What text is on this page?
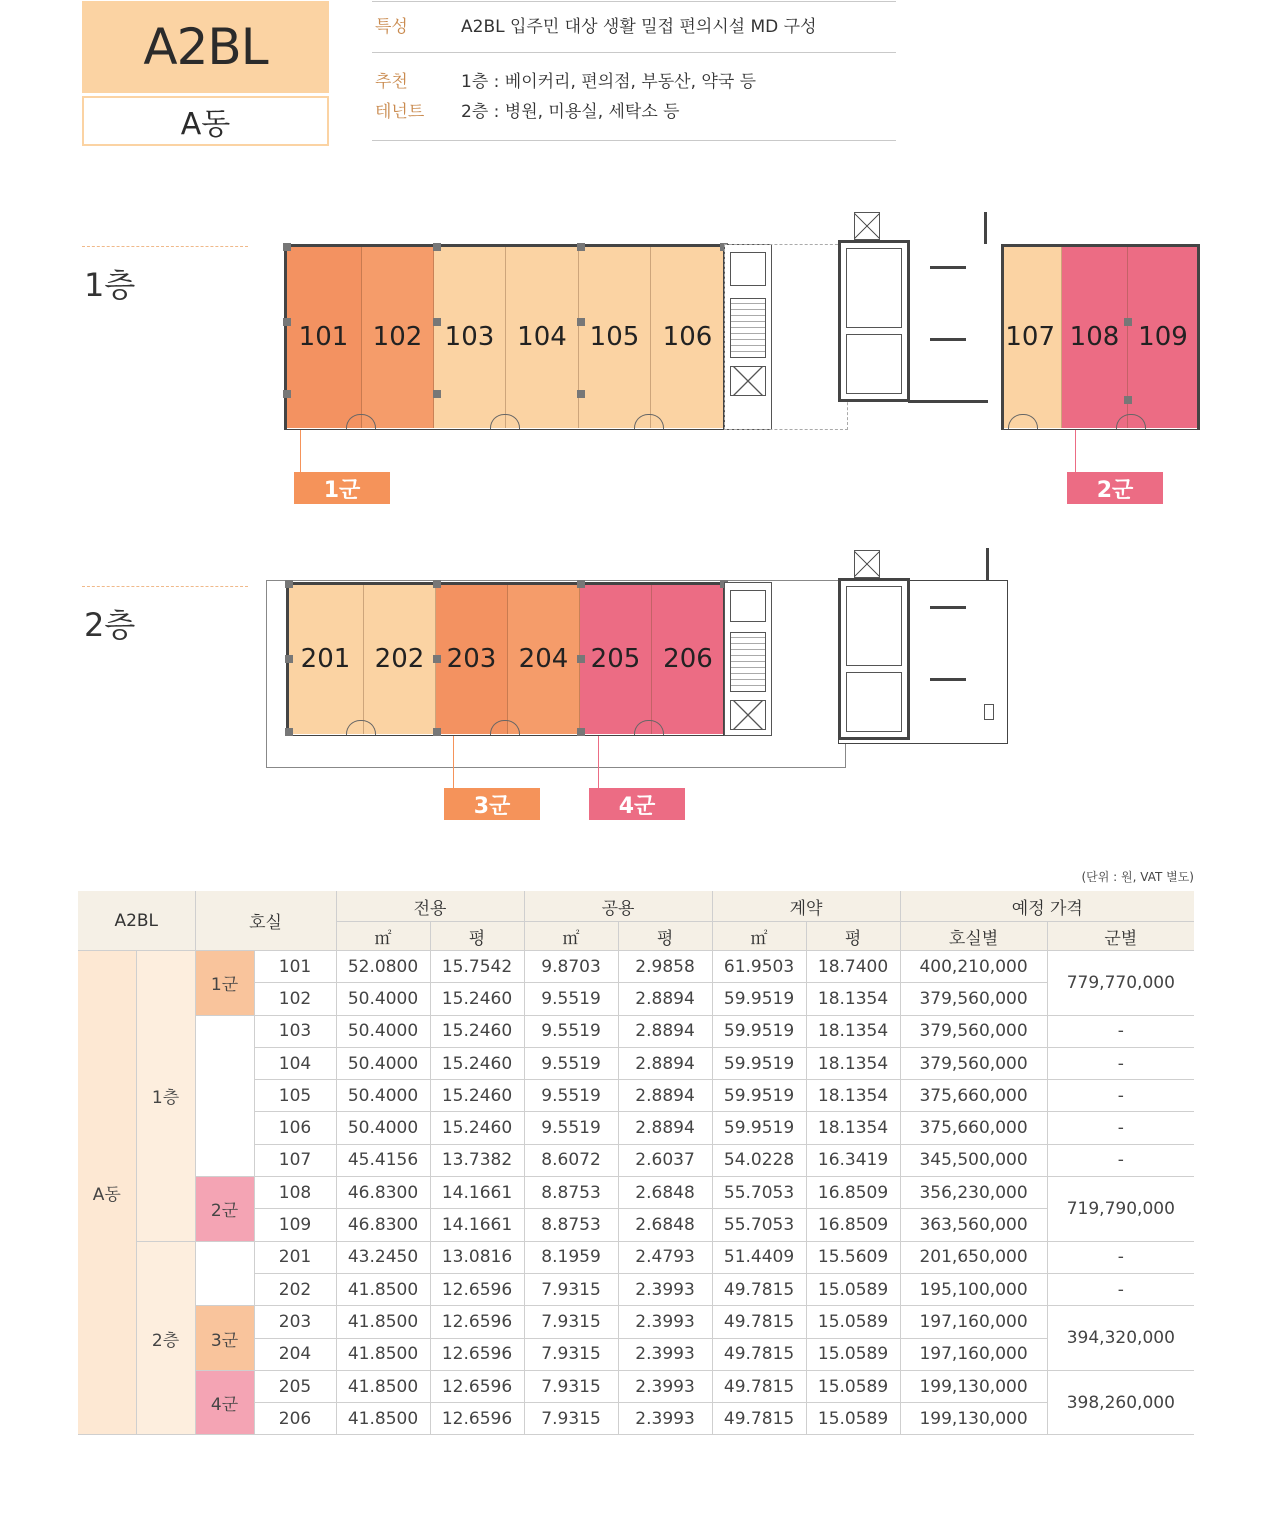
A2BL
A동
특성	A2BL 입주민 대상 생활 밀접 편의시설 MD 구성
추천
테넌트
1층 : 베이커리, 편의점, 부동산, 약국 등
2층 : 병원, 미용실, 세탁소 등
1층
101 102 103 104 105 106	107 108 109
1군	2군
2층
201 202 203 204 205 206
3군	4군
(단위 : 원, VAT 별도)
A2BL		호실		전용		공용		계약		예정 가격	
				㎡	평	㎡	평	㎡	평	호실별	군별
A동	1층	1군	101	52.0800	15.7542	9.8703	2.9858	61.9503	18.7400	400,210,000	779,770,000
			102	50.4000	15.2460	9.5519	2.8894	59.9519	18.1354	379,560,000	
			103	50.4000	15.2460	9.5519	2.8894	59.9519	18.1354	379,560,000	-
			104	50.4000	15.2460	9.5519	2.8894	59.9519	18.1354	379,560,000	-
			105	50.4000	15.2460	9.5519	2.8894	59.9519	18.1354	375,660,000	-
			106	50.4000	15.2460	9.5519	2.8894	59.9519	18.1354	375,660,000	-
			107	45.4156	13.7382	8.6072	2.6037	54.0228	16.3419	345,500,000	-
		2군	108	46.8300	14.1661	8.8753	2.6848	55.7053	16.8509	356,230,000	719,790,000
			109	46.8300	14.1661	8.8753	2.6848	55.7053	16.8509	363,560,000	
	2층		201	43.2450	13.0816	8.1959	2.4793	51.4409	15.5609	201,650,000	-
			202	41.8500	12.6596	7.9315	2.3993	49.7815	15.0589	195,100,000	-
		3군	203	41.8500	12.6596	7.9315	2.3993	49.7815	15.0589	197,160,000	394,320,000
			204	41.8500	12.6596	7.9315	2.3993	49.7815	15.0589	197,160,000	
		4군	205	41.8500	12.6596	7.9315	2.3993	49.7815	15.0589	199,130,000	398,260,000
			206	41.8500	12.6596	7.9315	2.3993	49.7815	15.0589	199,130,000	
